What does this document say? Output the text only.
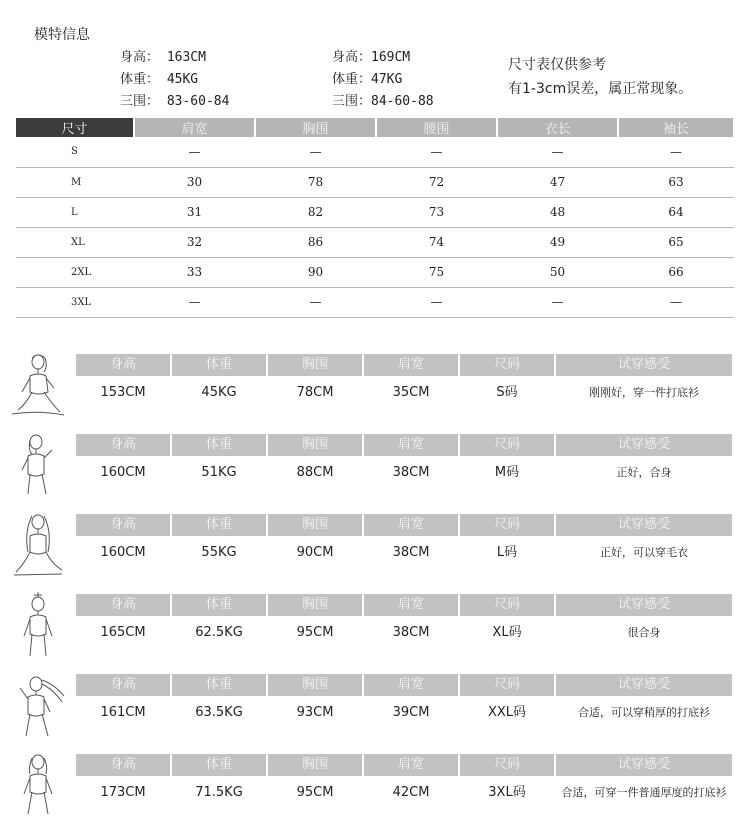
模特信息
身高： 163CM
体重： 45KG
三围： 83-60-84
身高：169CM
体重：47KG
三围：84-60-88
尺寸表仅供参考
有1-3cm误差，属正常现象。
尺寸	肩宽	胸围	腰围	衣长	袖长
S	—	—	—	—	—
M	30	78	72	47	63
L	31	82	73	48	64
XL	32	86	74	49	65
2XL	33	90	75	50	66
3XL	—	—	—	—	—
身高	体重	胸围	肩宽	尺码	试穿感受
153CM	45KG	78CM	35CM	S码	刚刚好，穿一件打底衫
身高	体重	胸围	肩宽	尺码	试穿感受
160CM	51KG	88CM	38CM	M码	正好，合身
身高	体重	胸围	肩宽	尺码	试穿感受
160CM	55KG	90CM	38CM	L码	正好，可以穿毛衣
身高	体重	胸围	肩宽	尺码	试穿感受
165CM	62.5KG	95CM	38CM	XL码	很合身
身高	体重	胸围	肩宽	尺码	试穿感受
161CM	63.5KG	93CM	39CM	XXL码	合适，可以穿稍厚的打底衫
身高	体重	胸围	肩宽	尺码	试穿感受
173CM	71.5KG	95CM	42CM	3XL码	合适，可穿一件普通厚度的打底衫
